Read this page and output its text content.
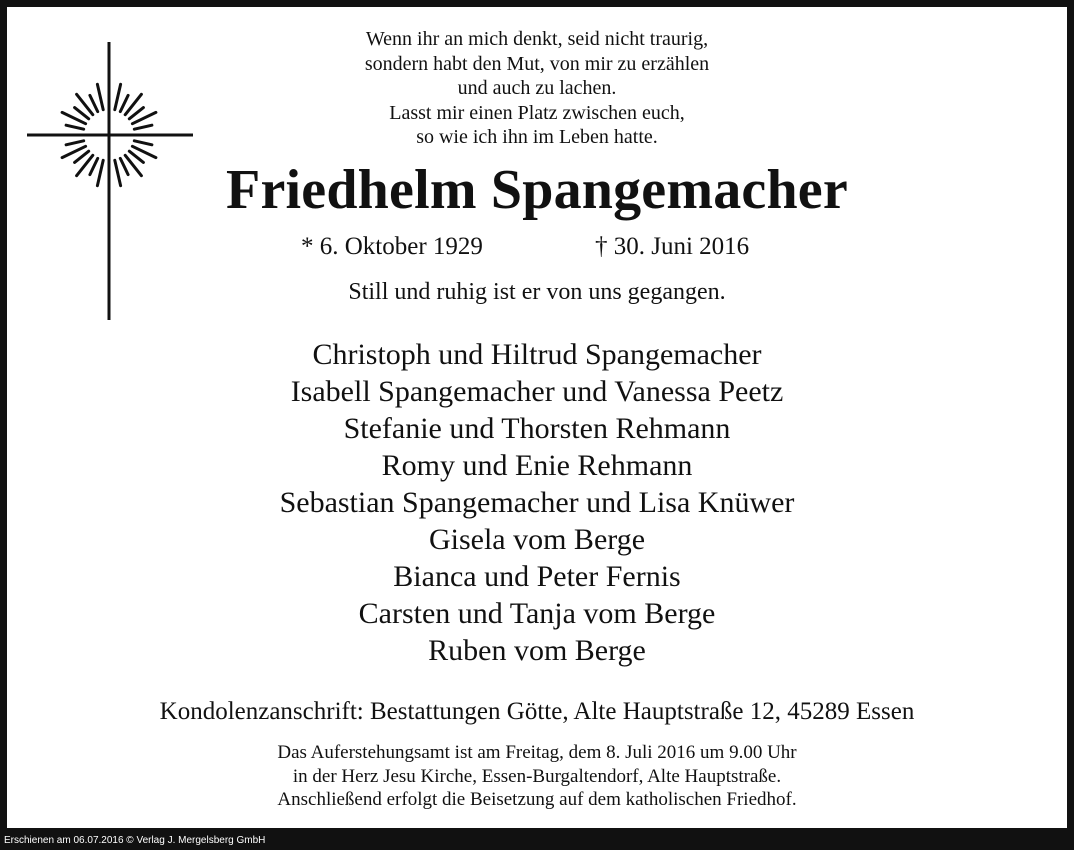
Wenn ihr an mich denkt, seid nicht traurig,
sondern habt den Mut, von mir zu erzählen
und auch zu lachen.
Lasst mir einen Platz zwischen euch,
so wie ich ihn im Leben hatte.
Friedhelm Spangemacher
* 6. Oktober 1929	† 30. Juni 2016
Still und ruhig ist er von uns gegangen.
Christoph und Hiltrud Spangemacher
Isabell Spangemacher und Vanessa Peetz
Stefanie und Thorsten Rehmann
Romy und Enie Rehmann
Sebastian Spangemacher und Lisa Knüwer
Gisela vom Berge
Bianca und Peter Fernis
Carsten und Tanja vom Berge
Ruben vom Berge
Kondolenzanschrift: Bestattungen Götte, Alte Hauptstraße 12, 45289 Essen
Das Auferstehungsamt ist am Freitag, dem 8. Juli 2016 um 9.00 Uhr
in der Herz Jesu Kirche, Essen-Burgaltendorf, Alte Hauptstraße.
Anschließend erfolgt die Beisetzung auf dem katholischen Friedhof.
Erschienen am 06.07.2016 © Verlag J. Mergelsberg GmbH
